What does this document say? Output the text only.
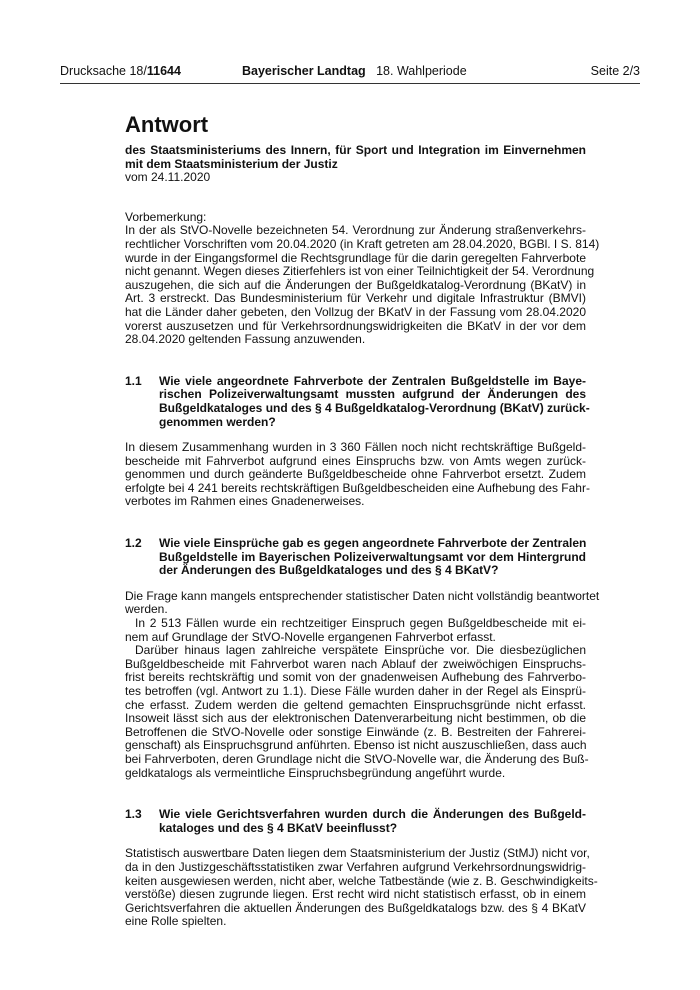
Drucksache 18/11644	Bayerischer Landtag 18. Wahlperiode	Seite 2/3
Antwort
des Staatsministeriums des Innern, für Sport und Integration im Einvernehmen
mit dem Staatsministerium der Justiz
vom 24.11.2020
Vorbemerkung:
In der als StVO-Novelle bezeichneten 54. Verordnung zur Änderung straßenverkehrs-
rechtlicher Vorschriften vom 20.04.2020 (in Kraft getreten am 28.04.2020, BGBl. I S. 814)
wurde in der Eingangsformel die Rechtsgrundlage für die darin geregelten Fahrverbote
nicht genannt. Wegen dieses Zitierfehlers ist von einer Teilnichtigkeit der 54. Verordnung
auszugehen, die sich auf die Änderungen der Bußgeldkatalog-Verordnung (BKatV) in
Art. 3 erstreckt. Das Bundesministerium für Verkehr und digitale Infrastruktur (BMVI)
hat die Länder daher gebeten, den Vollzug der BKatV in der Fassung vom 28.04.2020
vorerst auszusetzen und für Verkehrsordnungswidrigkeiten die BKatV in der vor dem
28.04.2020 geltenden Fassung anzuwenden.
1.1	Wie viele angeordnete Fahrverbote der Zentralen Bußgeldstelle im Baye-
rischen Polizeiverwaltungsamt mussten aufgrund der Änderungen des
Bußgeldkataloges und des § 4 Bußgeldkatalog-Verordnung (BKatV) zurück-
genommen werden?
In diesem Zusammenhang wurden in 3 360 Fällen noch nicht rechtskräftige Bußgeld-
bescheide mit Fahrverbot aufgrund eines Einspruchs bzw. von Amts wegen zurück-
genommen und durch geänderte Bußgeldbescheide ohne Fahrverbot ersetzt. Zudem
erfolgte bei 4 241 bereits rechtskräftigen Bußgeldbescheiden eine Aufhebung des Fahr-
verbotes im Rahmen eines Gnadenerweises.
1.2	Wie viele Einsprüche gab es gegen angeordnete Fahrverbote der Zentralen
Bußgeldstelle im Bayerischen Polizeiverwaltungsamt vor dem Hintergrund
der Änderungen des Bußgeldkataloges und des § 4 BKatV?
Die Frage kann mangels entsprechender statistischer Daten nicht vollständig beantwortet
werden.
In 2 513 Fällen wurde ein rechtzeitiger Einspruch gegen Bußgeldbescheide mit ei-
nem auf Grundlage der StVO-Novelle ergangenen Fahrverbot erfasst.
Darüber hinaus lagen zahlreiche verspätete Einsprüche vor. Die diesbezüglichen
Bußgeldbescheide mit Fahrverbot waren nach Ablauf der zweiwöchigen Einspruchs-
frist bereits rechtskräftig und somit von der gnadenweisen Aufhebung des Fahrverbo-
tes betroffen (vgl. Antwort zu 1.1). Diese Fälle wurden daher in der Regel als Einsprü-
che erfasst. Zudem werden die geltend gemachten Einspruchsgründe nicht erfasst.
Insoweit lässt sich aus der elektronischen Datenverarbeitung nicht bestimmen, ob die
Betroffenen die StVO-Novelle oder sonstige Einwände (z. B. Bestreiten der Fahrerei-
genschaft) als Einspruchsgrund anführten. Ebenso ist nicht auszuschließen, dass auch
bei Fahrverboten, deren Grundlage nicht die StVO-Novelle war, die Änderung des Buß-
geldkatalogs als vermeintliche Einspruchsbegründung angeführt wurde.
1.3	Wie viele Gerichtsverfahren wurden durch die Änderungen des Bußgeld-
kataloges und des § 4 BKatV beeinflusst?
Statistisch auswertbare Daten liegen dem Staatsministerium der Justiz (StMJ) nicht vor,
da in den Justizgeschäftsstatistiken zwar Verfahren aufgrund Verkehrsordnungswidrig-
keiten ausgewiesen werden, nicht aber, welche Tatbestände (wie z. B. Geschwindigkeits-
verstöße) diesen zugrunde liegen. Erst recht wird nicht statistisch erfasst, ob in einem
Gerichtsverfahren die aktuellen Änderungen des Bußgeldkatalogs bzw. des § 4 BKatV
eine Rolle spielten.
